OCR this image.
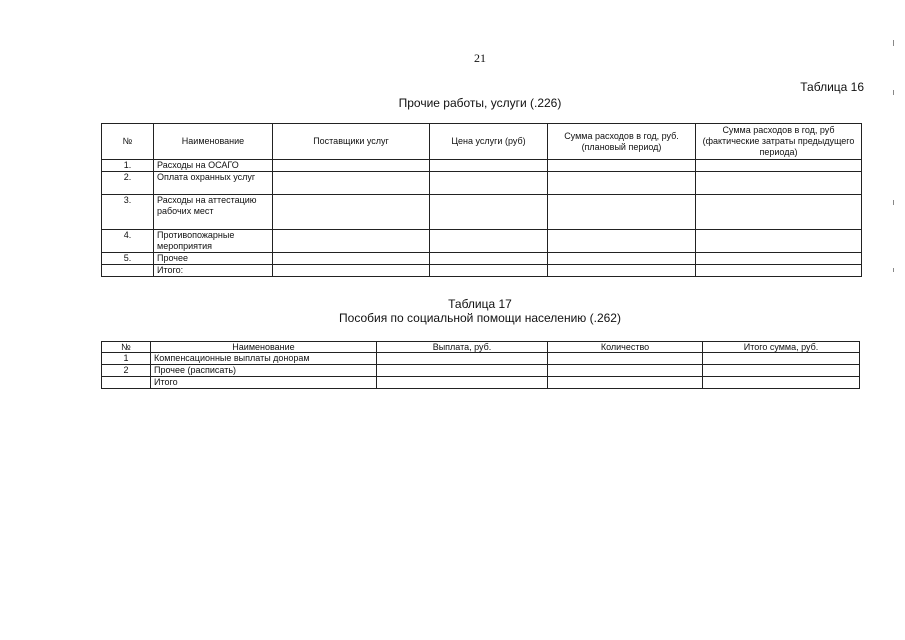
21
Таблица 16
Прочие работы, услуги (.226)
№	Наименование	Поставщики услуг	Цена услуги (руб)	Сумма расходов в год, руб. (плановый период)	Сумма расходов в год, руб (фактические затраты предыдущего периода)
1.	Расходы на ОСАГО				
2.	Оплата охранных услуг				
3.	Расходы на аттестацию рабочих мест				
4.	Противопожарные мероприятия				
5.	Прочее				
	Итого:				
Таблица 17
Пособия по социальной помощи населению (.262)
№	Наименование	Выплата, руб.	Количество	Итого сумма, руб.
1	Компенсационные выплаты донорам			
2	Прочее (расписать)			
	Итого			
